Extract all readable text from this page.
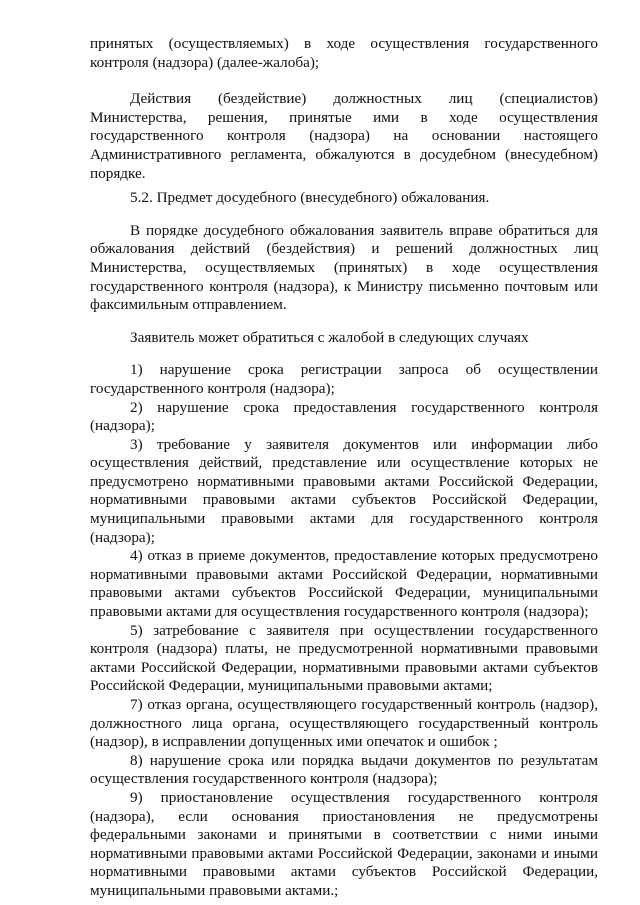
принятых (осуществляемых) в ходе осуществления государственного контроля (надзора) (далее-жалоба);

Действия (бездействие) должностных лиц (специалистов) Министерства, решения, принятые ими в ходе осуществления государственного контроля (надзора) на основании настоящего Административного регламента, обжалуются в досудебном (внесудебном) порядке.

5.2. Предмет досудебного (внесудебного) обжалования.

В порядке досудебного обжалования заявитель вправе обратиться для обжалования действий (бездействия) и решений должностных лиц Министерства, осуществляемых (принятых) в ходе осуществления государственного контроля (надзора), к Министру письменно почтовым или факсимильным отправлением.

Заявитель может обратиться с жалобой в следующих случаях

1) нарушение срока регистрации запроса об осуществлении государственного контроля (надзора);

2) нарушение срока предоставления государственного контроля (надзора);

3) требование у заявителя документов или информации либо осуществления действий, представление или осуществление которых не предусмотрено нормативными правовыми актами Российской Федерации, нормативными правовыми актами субъектов Российской Федерации, муниципальными правовыми актами для государственного контроля (надзора);

4) отказ в приеме документов, предоставление которых предусмотрено нормативными правовыми актами Российской Федерации, нормативными правовыми актами субъектов Российской Федерации, муниципальными правовыми актами для осуществления государственного контроля (надзора);

5) затребование с заявителя при осуществлении государственного контроля (надзора) платы, не предусмотренной нормативными правовыми актами Российской Федерации, нормативными правовыми актами субъектов Российской Федерации, муниципальными правовыми актами;

7) отказ органа, осуществляющего государственный контроль (надзор), должностного лица органа, осуществляющего государственный контроль (надзор), в исправлении допущенных ими опечаток и ошибок ;

8) нарушение срока или порядка выдачи документов по результатам осуществления государственного контроля (надзора);

9) приостановление осуществления государственного контроля (надзора), если основания приостановления не предусмотрены федеральными законами и принятыми в соответствии с ними иными нормативными правовыми актами Российской Федерации, законами и иными нормативными правовыми актами субъектов Российской Федерации, муниципальными правовыми актами.;
